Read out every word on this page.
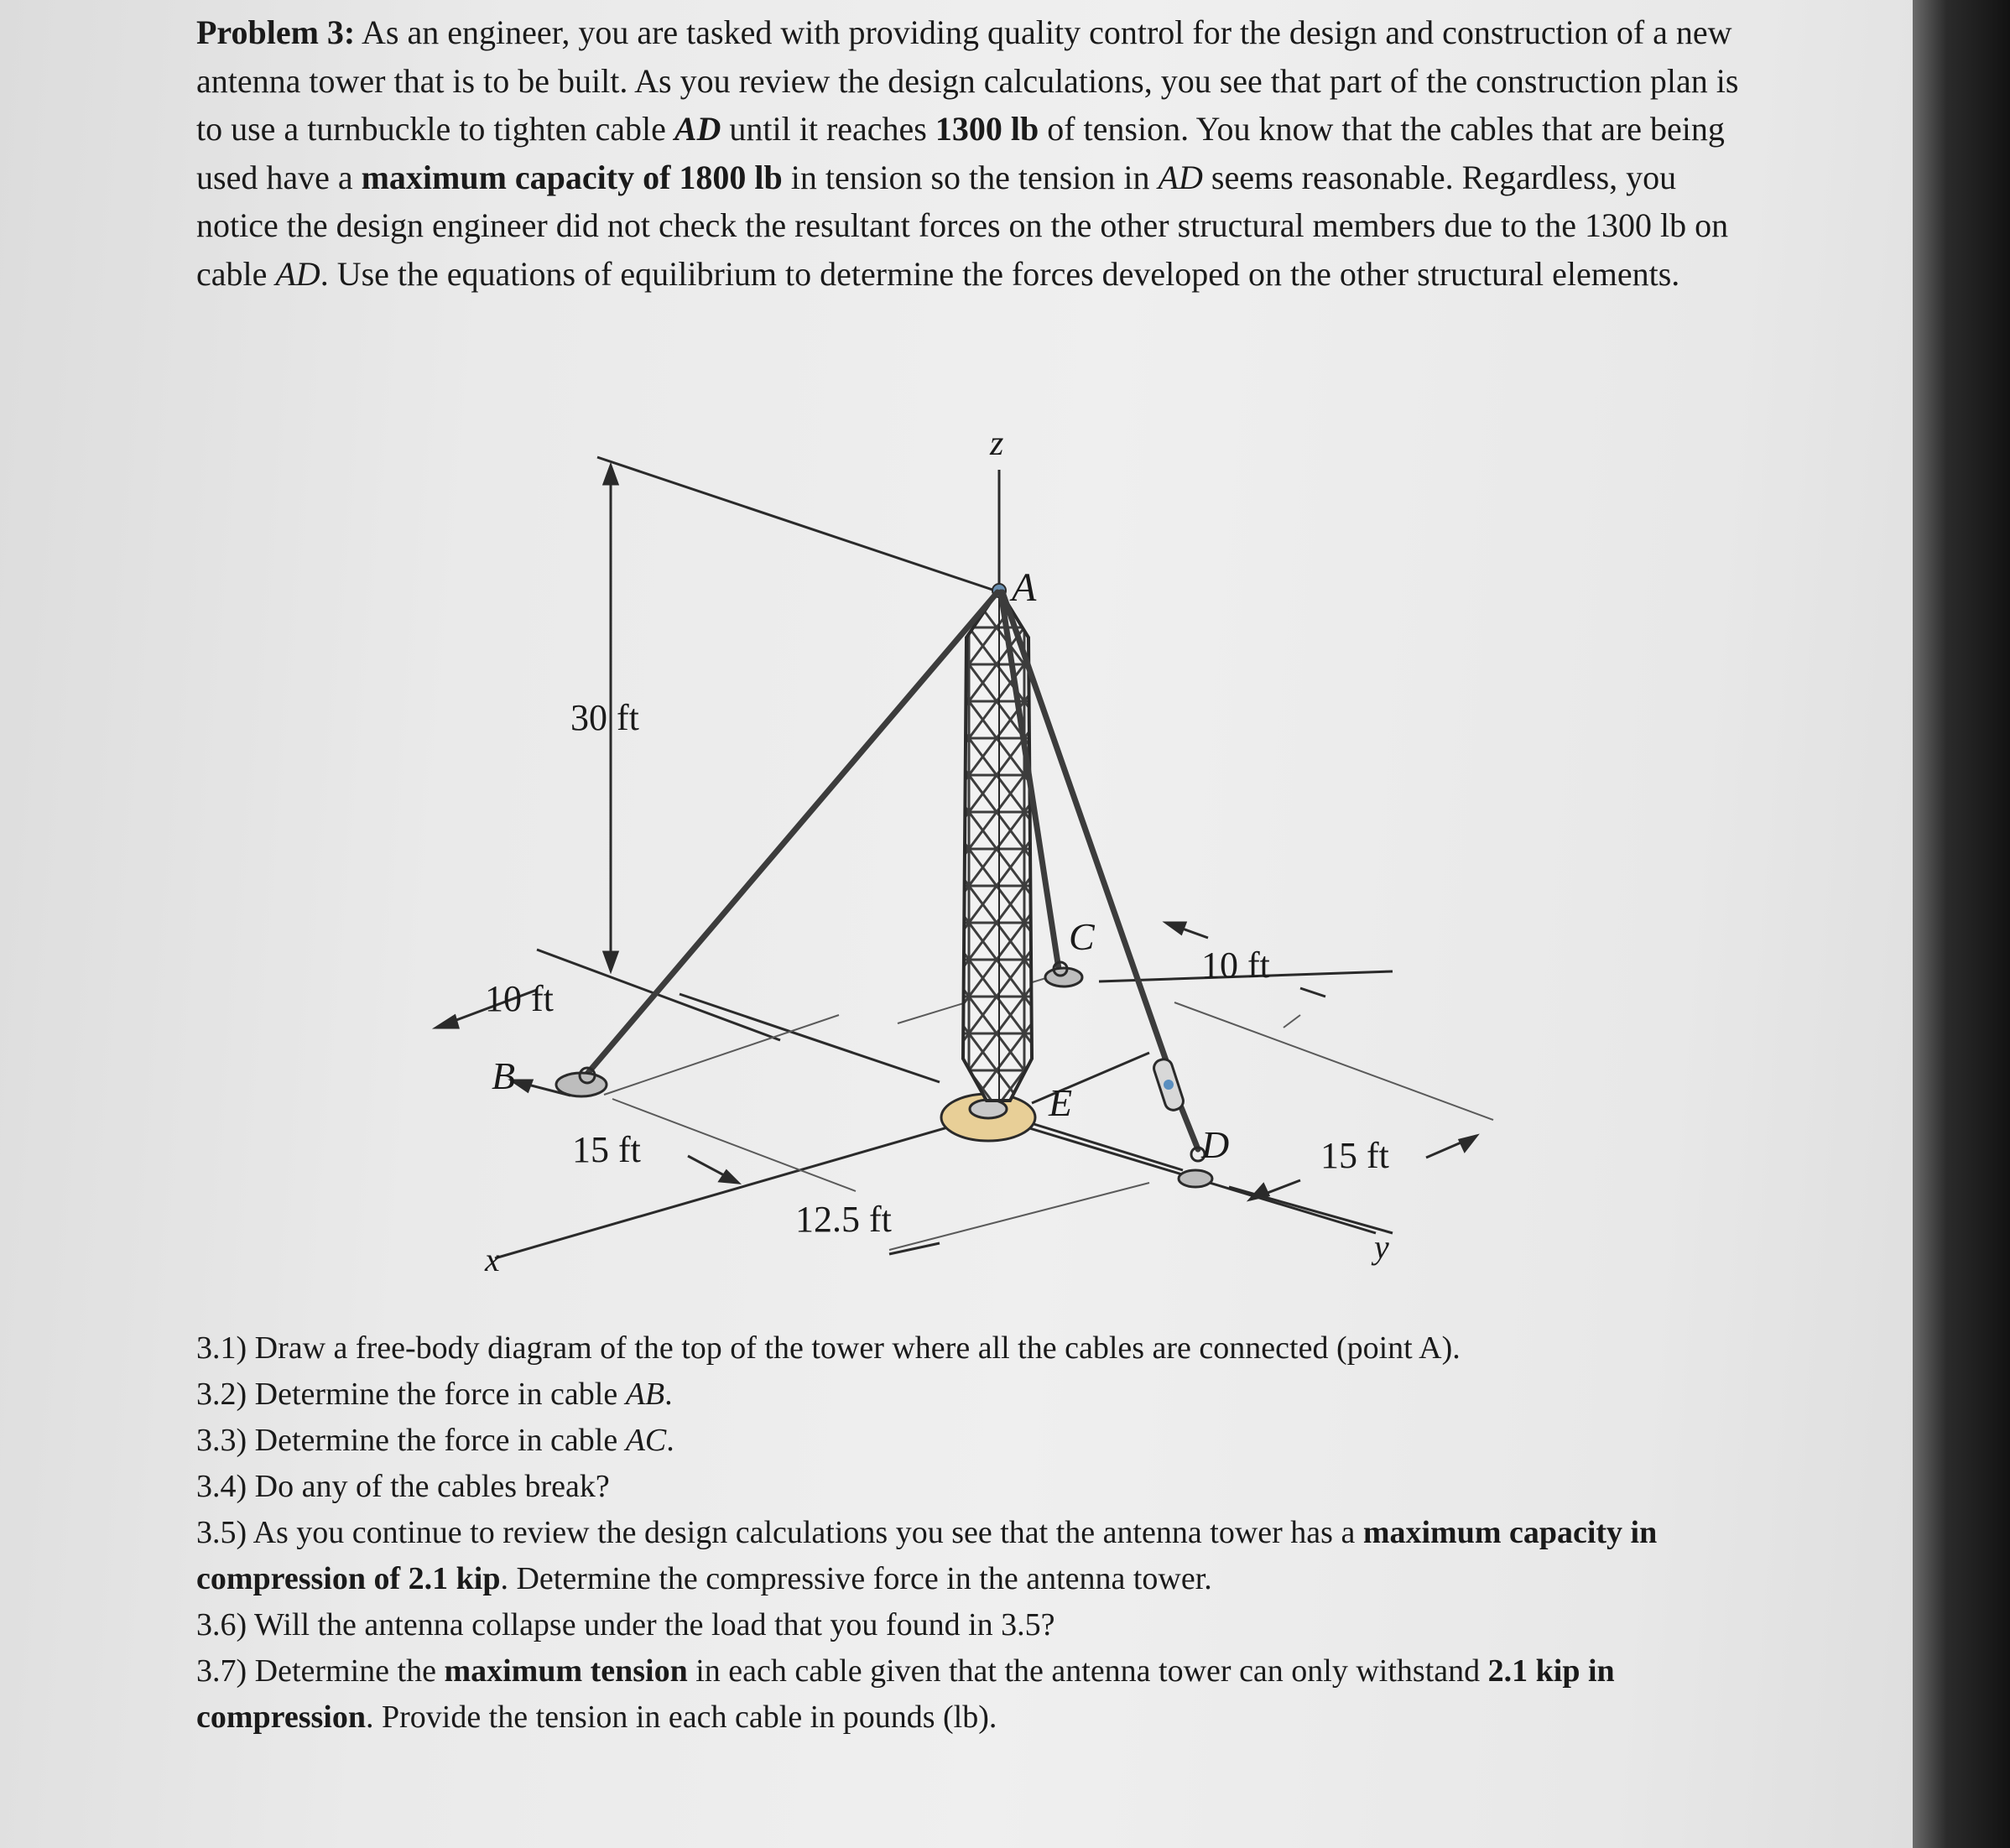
Problem 3: As an engineer, you are tasked with providing quality control for the design and construction of a new antenna tower that is to be built. As you review the design calculations, you see that part of the construction plan is to use a turnbuckle to tighten cable AD until it reaches 1300 lb of tension. You know that the cables that are being used have a maximum capacity of 1800 lb in tension so the tension in AD seems reasonable. Regardless, you notice the design engineer did not check the resultant forces on the other structural members due to the 1300 lb on cable AD. Use the equations of equilibrium to determine the forces developed on the other structural elements.

z
A
B
C
D
E
x	y
30 ft
10 ft
10 ft
15 ft
12.5 ft
15 ft
3.1) Draw a free-body diagram of the top of the tower where all the cables are connected (point A).
3.2) Determine the force in cable AB.
3.3) Determine the force in cable AC.
3.4) Do any of the cables break?
3.5) As you continue to review the design calculations you see that the antenna tower has a maximum capacity in compression of 2.1 kip. Determine the compressive force in the antenna tower.
3.6) Will the antenna collapse under the load that you found in 3.5?
3.7) Determine the maximum tension in each cable given that the antenna tower can only withstand 2.1 kip in compression. Provide the tension in each cable in pounds (lb).
